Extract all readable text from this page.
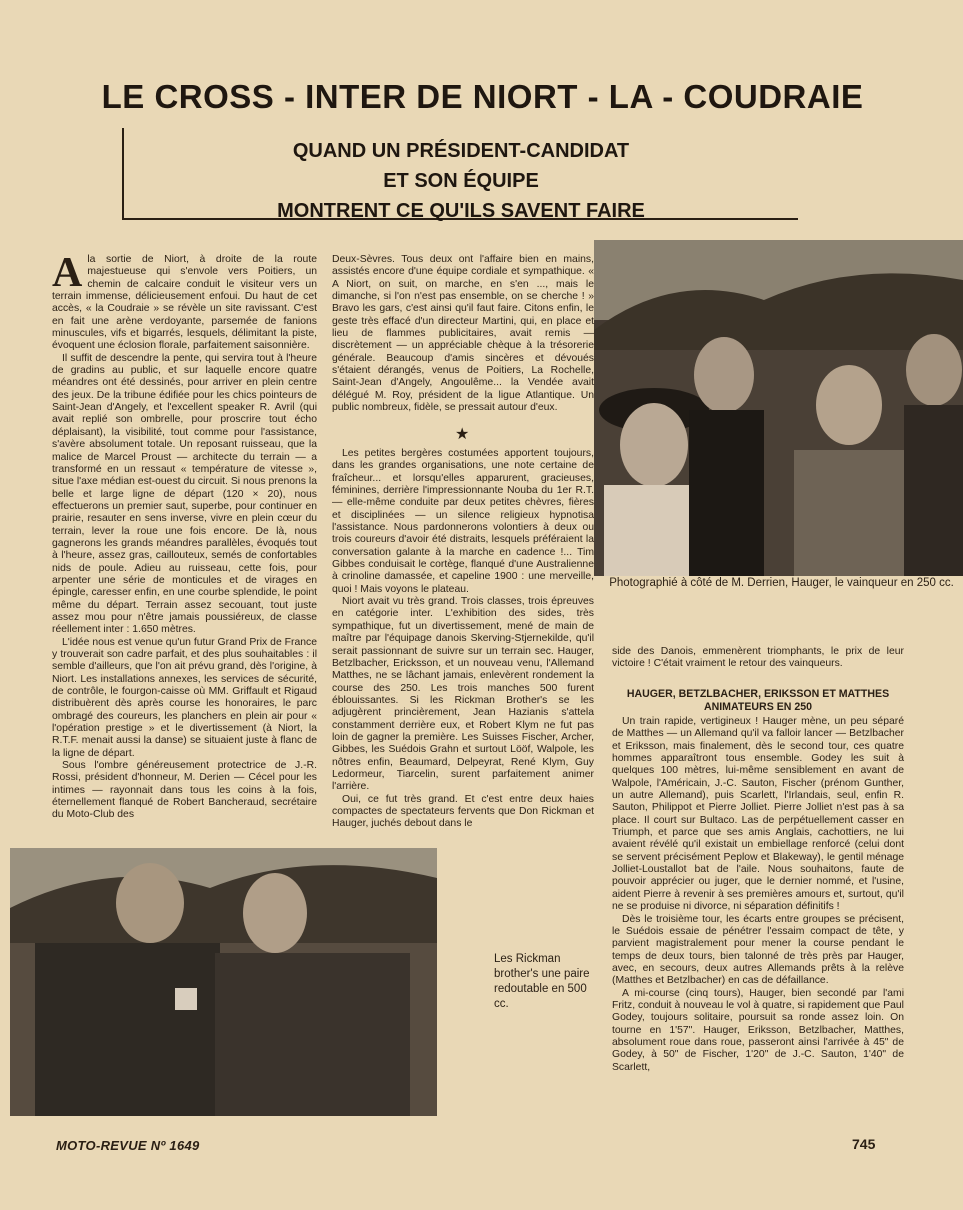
LE CROSS - INTER DE NIORT - LA - COUDRAIE
QUAND UN PRÉSIDENT-CANDIDAT
ET SON ÉQUIPE
MONTRENT CE QU'ILS SAVENT FAIRE

Ala sortie de Niort, à droite de la route majestueuse qui s'envole vers Poitiers, un chemin de calcaire conduit le visiteur vers un terrain immense, délicieusement enfoui. Du haut de cet accès, « la Coudraie » se révèle un site ravissant. C'est en fait une arène verdoyante, parsemée de fanions minuscules, vifs et bigarrés, lesquels, délimitant la piste, évoquent une éclosion florale, parfaitement saisonnière.

Il suffit de descendre la pente, qui servira tout à l'heure de gradins au public, et sur laquelle encore quatre méandres ont été dessinés, pour arriver en plein centre des jeux. De la tribune édifiée pour les chics pointeurs de Saint-Jean d'Angely, et l'excellent speaker R. Avril (qui avait replié son ombrelle, pour proscrire tout écho déplaisant), la visibilité, tout comme pour l'assistance, s'avère absolument totale. Un reposant ruisseau, que la malice de Marcel Proust — architecte du terrain — a transformé en un ressaut « température de vitesse », situe l'axe médian est-ouest du circuit. Si nous prenons la belle et large ligne de départ (120 × 20), nous effectuerons un premier saut, superbe, pour continuer en prairie, resauter en sens inverse, vivre en plein cœur du terrain, lever la roue une fois encore. De là, nous gagnerons les grands méandres parallèles, évoqués tout à l'heure, assez gras, caillouteux, semés de confortables nids de poule. Adieu au ruisseau, cette fois, pour arpenter une série de monticules et de virages en épingle, caresser enfin, en une courbe splendide, le point même du départ. Terrain assez secouant, tout juste assez mou pour n'être jamais poussiéreux, de classe réellement inter : 1.650 mètres.

L'idée nous est venue qu'un futur Grand Prix de France y trouverait son cadre parfait, et des plus souhaitables : il semble d'ailleurs, que l'on ait prévu grand, dès l'origine, à Niort. Les installations annexes, les services de sécurité, de contrôle, le fourgon-caisse où MM. Griffault et Rigaud distribuèrent dès après course les honoraires, le parc ombragé des coureurs, les planchers en plein air pour « l'opération prestige » et le divertissement (à Niort, la R.T.F. menait aussi la danse) se situaient juste à flanc de la ligne de départ.

Sous l'ombre généreusement protectrice de J.-R. Rossi, président d'honneur, M. Derien — Cécel pour les intimes — rayonnait dans tous les coins à la fois, éternellement flanqué de Robert Bancheraud, secrétaire du Moto-Club des

Deux-Sèvres. Tous deux ont l'affaire bien en mains, assistés encore d'une équipe cordiale et sympathique. « A Niort, on suit, on marche, en s'en ..., mais le dimanche, si l'on n'est pas ensemble, on se cherche ! » Bravo les gars, c'est ainsi qu'il faut faire. Citons enfin, le geste très effacé d'un directeur Martini, qui, en place et lieu de flammes publicitaires, avait remis — discrètement — un appréciable chèque à la trésorerie générale. Beaucoup d'amis sincères et dévoués s'étaient dérangés, venus de Poitiers, La Rochelle, Saint-Jean d'Angely, Angoulême... la Vendée avait délégué M. Roy, président de la ligue Atlantique. Un public nombreux, fidèle, se pressait autour d'eux.

★

Les petites bergères costumées apportent toujours, dans les grandes organisations, une note certaine de fraîcheur... et lorsqu'elles apparurent, gracieuses, féminines, derrière l'impressionnante Nouba du 1er R.T. — elle-même conduite par deux petites chèvres, fières et disciplinées — un silence religieux hypnotisa l'assistance. Nous pardonnerons volontiers à deux ou trois coureurs d'avoir été distraits, lesquels préféraient la conversation galante à la marche en cadence !... Tim Gibbes conduisait le cortège, flanqué d'une Australienne à crinoline damassée, et capeline 1900 : une merveille, quoi ! Mais voyons le plateau.

Niort avait vu très grand. Trois classes, trois épreuves en catégorie inter. L'exhibition des sides, très sympathique, fut un divertissement, mené de main de maître par l'équipage danois Skerving-Stjernekilde, qu'il serait passionnant de suivre sur un terrain sec. Hauger, Betzlbacher, Ericksson, et un nouveau venu, l'Allemand Matthes, ne se lâchant jamais, enlevèrent rondement la course des 250. Les trois manches 500 furent éblouissantes. Si les Rickman Brother's se les adjugèrent princièrement, Jean Hazianis s'attela constamment derrière eux, et Robert Klym ne fut pas loin de gagner la première. Les Suisses Fischer, Archer, Gibbes, les Suédois Grahn et surtout Lööf, Walpole, les nôtres enfin, Beaumard, Delpeyrat, René Klym, Guy Ledormeur, Tiarcelin, surent parfaitement animer l'arrière.

Oui, ce fut très grand. Et c'est entre deux haies compactes de spectateurs fervents que Don Rickman et Hauger, juchés debout dans le

Photographié à côté de M. Derrien, Hauger, le vainqueur en 250 cc.

side des Danois, emmenèrent triomphants, le prix de leur victoire ! C'était vraiment le retour des vainqueurs.

HAUGER, BETZLBACHER, ERIKSSON ET MATTHES ANIMATEURS EN 250

Un train rapide, vertigineux ! Hauger mène, un peu séparé de Matthes — un Allemand qu'il va falloir lancer — Betzlbacher et Eriksson, mais finalement, dès le second tour, ces quatre hommes apparaîtront tous ensemble. Godey les suit à quelques 100 mètres, lui-même sensiblement en avant de Walpole, l'Américain, J.-C. Sauton, Fischer (prénom Gunther, un autre Allemand), puis Scarlett, l'Irlandais, seul, enfin R. Sauton, Philippot et Pierre Jolliet. Pierre Jolliet n'est pas à sa place. Il court sur Bultaco. Las de perpétuellement casser en Triumph, et parce que ses amis Anglais, cachottiers, ne lui avaient révélé qu'il existait un embiellage renforcé (celui dont se servent précisément Peplow et Blakeway), le gentil ménage Jolliet-Loustallot bat de l'aile. Nous souhaitons, faute de pouvoir apprécier ou juger, que le dernier nommé, et l'usine, aident Pierre à revenir à ses premières amours et, surtout, qu'il ne se produise ni divorce, ni séparation définitifs !

Dès le troisième tour, les écarts entre groupes se précisent, le Suédois essaie de pénétrer l'essaim compact de tête, y parvient magistralement pour mener la course pendant le temps de deux tours, bien talonné de très près par Hauger, avec, en secours, deux autres Allemands prêts à la relève (Matthes et Betzlbacher) en cas de défaillance.

A mi-course (cinq tours), Hauger, bien secondé par l'ami Fritz, conduit à nouveau le vol à quatre, si rapidement que Paul Godey, toujours solitaire, poursuit sa ronde assez loin. On tourne en 1'57". Hauger, Eriksson, Betzlbacher, Matthes, absolument roue dans roue, passeront ainsi l'arrivée à 45" de Godey, à 50" de Fischer, 1'20" de J.-C. Sauton, 1'40" de Scarlett,

Les Rickman brother's une paire redoutable en 500 cc.
MOTO-REVUE Nº 1649	745
